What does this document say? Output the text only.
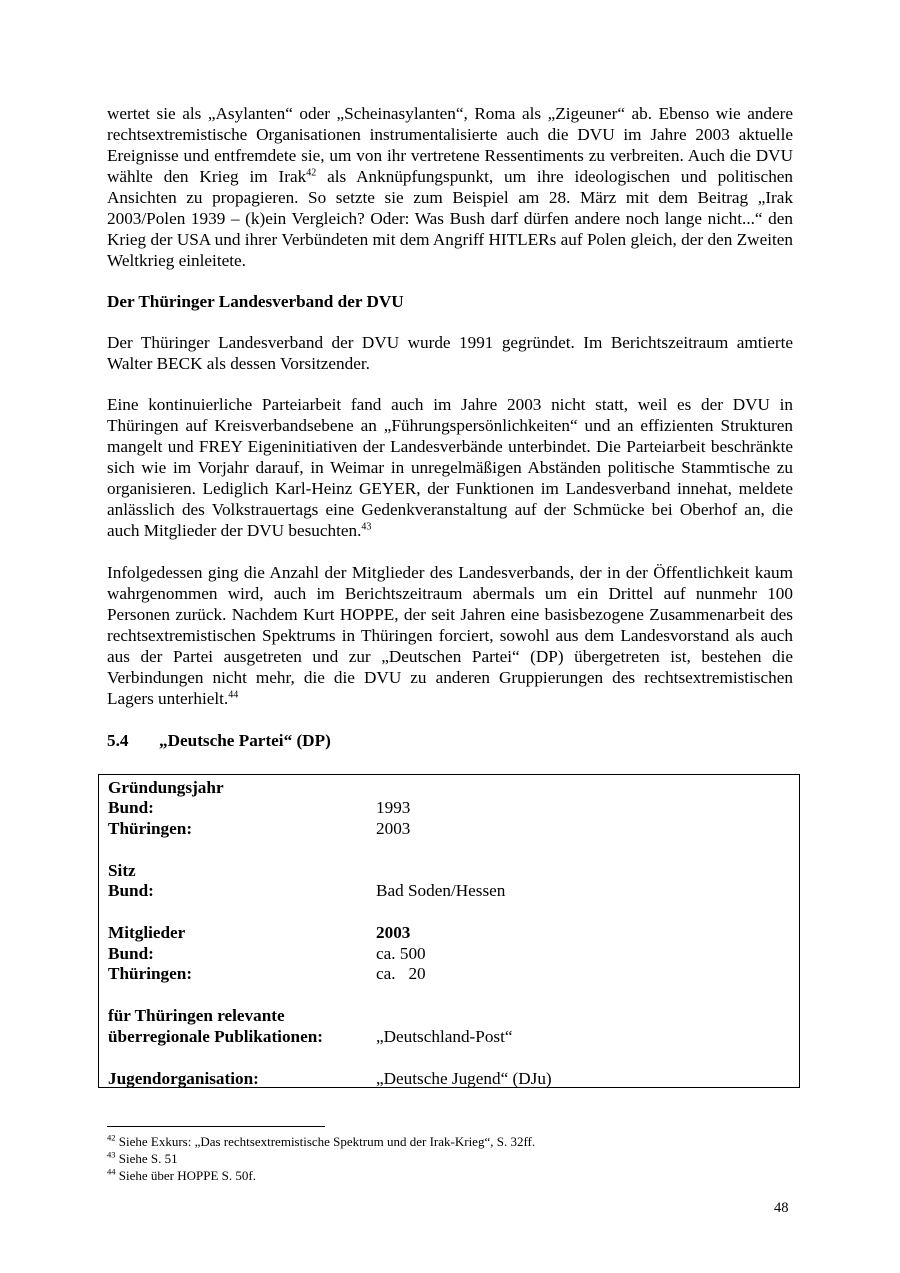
wertet sie als „Asylanten“ oder „Scheinasylanten“, Roma als „Zigeuner“ ab. Ebenso wie andere rechtsextremistische Organisationen instrumentalisierte auch die DVU im Jahre 2003 aktuelle Ereignisse und entfremdete sie, um von ihr vertretene Ressentiments zu verbreiten. Auch die DVU wählte den Krieg im Irak$^{42}$ als Anknüpfungspunkt, um ihre ideologischen und politischen Ansichten zu propagieren. So setzte sie zum Beispiel am 28. März mit dem Beitrag „Irak 2003/Polen 1939 – (k)ein Vergleich? Oder: Was Bush darf dürfen andere noch lange nicht...“ den Krieg der USA und ihrer Verbündeten mit dem Angriff HITLERs auf Polen gleich, der den Zweiten Weltkrieg einleitete.

Der Thüringer Landesverband der DVU

Der Thüringer Landesverband der DVU wurde 1991 gegründet. Im Berichtszeitraum amtierte Walter BECK als dessen Vorsitzender.

Eine kontinuierliche Parteiarbeit fand auch im Jahre 2003 nicht statt, weil es der DVU in Thüringen auf Kreisverbandsebene an „Führungspersönlichkeiten“ und an effizienten Strukturen mangelt und FREY Eigeninitiativen der Landesverbände unterbindet. Die Parteiarbeit beschränkte sich wie im Vorjahr darauf, in Weimar in unregelmäßigen Abständen politische Stammtische zu organisieren. Lediglich Karl-Heinz GEYER, der Funktionen im Landesverband innehat, meldete anlässlich des Volkstrauertags eine Gedenkveranstaltung auf der Schmücke bei Oberhof an, die auch Mitglieder der DVU besuchten.$^{43}$

Infolgedessen ging die Anzahl der Mitglieder des Landesverbands, der in der Öffentlichkeit kaum wahrgenommen wird, auch im Berichtszeitraum abermals um ein Drittel auf nunmehr 100 Personen zurück. Nachdem Kurt HOPPE, der seit Jahren eine basisbezogene Zusammenarbeit des rechtsextremistischen Spektrums in Thüringen forciert, sowohl aus dem Landesvorstand als auch aus der Partei ausgetreten und zur „Deutschen Partei“ (DP) übergetreten ist, bestehen die Verbindungen nicht mehr, die die DVU zu anderen Gruppierungen des rechtsextremistischen Lagers unterhielt.$^{44}$

5.4	„Deutsche Partei“ (DP)

Gründungsjahr
Bund:	1993
Thüringen:	2003
Sitz
Bund:	Bad Soden/Hessen
Mitglieder	2003
Bund:	ca. 500
Thüringen:	ca.   20
für Thüringen relevante
überregionale Publikationen:	„Deutschland-Post“
Jugendorganisation:	„Deutsche Jugend“ (DJu)

$^{42}$ Siehe Exkurs: „Das rechtsextremistische Spektrum und der Irak-Krieg“, S. 32ff.

$^{43}$ Siehe S. 51

$^{44}$ Siehe über HOPPE S. 50f.

48
